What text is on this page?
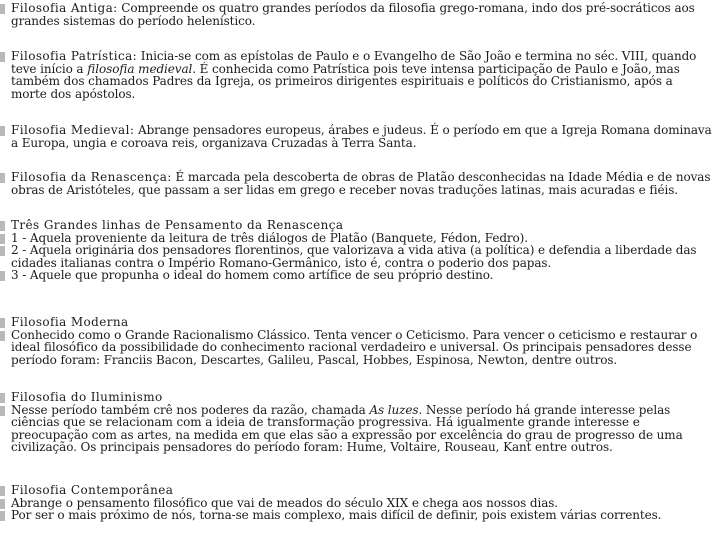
Filosofia Antiga: Compreende os quatro grandes períodos da filosofia grego-romana, indo dos pré-socráticos aos grandes sistemas do período helenístico.
Filosofia Patrística: Inicia-se com as epístolas de Paulo e o Evangelho de São João e termina no séc. VIII, quando teve início a filosofia medieval. É conhecida como Patrística pois teve intensa participação de Paulo e João, mas também dos chamados Padres da Igreja, os primeiros dirigentes espirituais e políticos do Cristianismo, após a morte dos apóstolos.
Filosofia Medieval: Abrange pensadores europeus, árabes e judeus. É o período em que a Igreja Romana dominava a Europa, ungia e coroava reis, organizava Cruzadas à Terra Santa.
Filosofia da Renascença: É marcada pela descoberta de obras de Platão desconhecidas na Idade Média e de novas obras de Aristóteles, que passam a ser lidas em grego e receber novas traduções latinas, mais acuradas e fiéis.
Três Grandes linhas de Pensamento da Renascença
1 - Aquela proveniente da leitura de três diálogos de Platão (Banquete, Fédon, Fedro).
2 - Aquela originária dos pensadores florentinos, que valorizava a vida ativa (a política) e defendia a liberdade das cidades italianas contra o Império Romano-Germânico, isto é, contra o poderio dos papas.
3 - Aquele que propunha o ideal do homem como artífice de seu próprio destino.
Filosofia Moderna
Conhecido como o Grande Racionalismo Clássico. Tenta vencer o Ceticismo. Para vencer o ceticismo e restaurar o ideal filosófico da possibilidade do conhecimento racional verdadeiro e universal. Os principais pensadores desse período foram: Franciis Bacon, Descartes, Galileu, Pascal, Hobbes, Espinosa, Newton, dentre outros.
Filosofia do Iluminismo
Nesse período também crê nos poderes da razão, chamada As luzes. Nesse período há grande interesse pelas ciências que se relacionam com a ideia de transformação progressiva. Há igualmente grande interesse e preocupação com as artes, na medida em que elas são a expressão por excelência do grau de progresso de uma civilização. Os principais pensadores do período foram: Hume, Voltaire, Rouseau, Kant entre outros.
Filosofia Contemporânea
Abrange o pensamento filosófico que vai de meados do século XIX e chega aos nossos dias.
Por ser o mais próximo de nós, torna-se mais complexo, mais difícil de definir, pois existem várias correntes.
